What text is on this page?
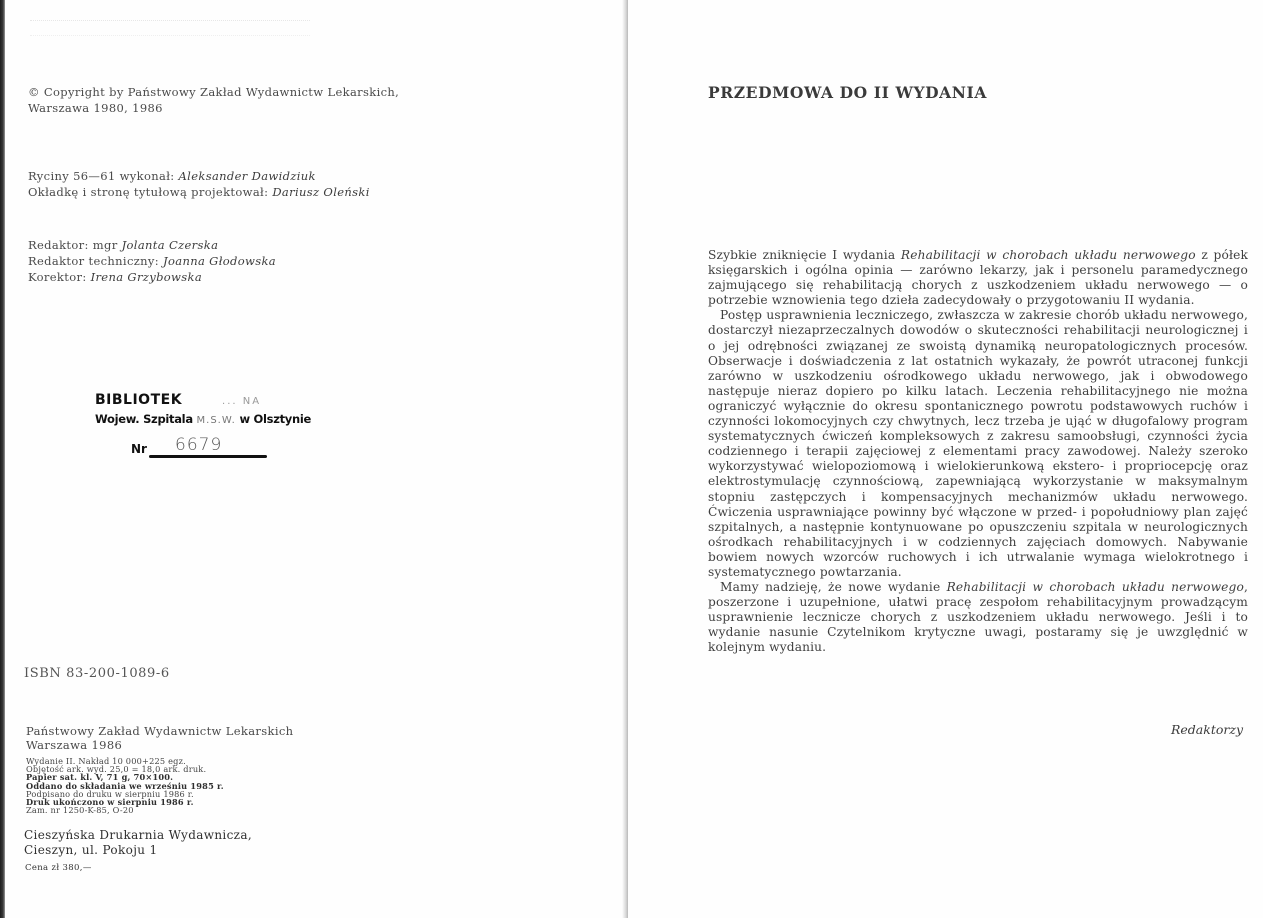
© Copyright by Państwowy Zakład Wydawnictw Lekarskich,
Warszawa 1980, 1986
Ryciny 56—61 wykonał: Aleksander Dawidziuk
Okładkę i stronę tytułową projektował: Dariusz Oleński
Redaktor: mgr Jolanta Czerska
Redaktor techniczny: Joanna Głodowska
Korektor: Irena Grzybowska
BIBLIOTEK	... NA
Wojew. Szpitala M.S.W. w Olsztynie
Nr 6679
ISBN 83-200-1089-6
Państwowy Zakład Wydawnictw Lekarskich
Warszawa 1986
Wydanie II. Nakład 10 000+225 egz.
Objętość ark. wyd. 25,0 = 18,0 ark. druk.
Papier sat. kl. V, 71 g, 70×100.
Oddano do składania we wrześniu 1985 r.
Podpisano do druku w sierpniu 1986 r.
Druk ukończono w sierpniu 1986 r.
Zam. nr 1250-K-85, O-20
Cieszyńska Drukarnia Wydawnicza,
Cieszyn, ul. Pokoju 1
Cena zł 380,—
PRZEDMOWA DO II WYDANIA

Szybkie zniknięcie I wydania Rehabilitacji w chorobach układu nerwowego z półek księgarskich i ogólna opinia — zarówno lekarzy, jak i personelu paramedycznego zajmującego się rehabilitacją chorych z uszkodzeniem układu nerwowego — o potrzebie wznowienia tego dzieła zadecydowały o przygotowaniu II wydania.

Postęp usprawnienia leczniczego, zwłaszcza w zakresie chorób układu nerwowego, dostarczył niezaprzeczalnych dowodów o skuteczności rehabilitacji neurologicznej i o jej odrębności związanej ze swoistą dynamiką neuropatologicznych procesów. Obserwacje i doświadczenia z lat ostatnich wykazały, że powrót utraconej funkcji zarówno w uszkodzeniu ośrodkowego układu nerwowego, jak i obwodowego następuje nieraz dopiero po kilku latach. Leczenia rehabilitacyjnego nie można ograniczyć wyłącznie do okresu spontanicznego powrotu podstawowych ruchów i czynności lokomocyjnych czy chwytnych, lecz trzeba je ująć w długofalowy program systematycznych ćwiczeń kompleksowych z zakresu samoobsługi, czynności życia codziennego i terapii zajęciowej z elementami pracy zawodowej. Należy szeroko wykorzystywać wielopoziomową i wielokierunkową ekstero- i propriocepcję oraz elektrostymulację czynnościową, zapewniającą wykorzystanie w maksymalnym stopniu zastępczych i kompensacyjnych mechanizmów układu nerwowego. Ćwiczenia usprawniające powinny być włączone w przed- i popołudniowy plan zajęć szpitalnych, a następnie kontynuowane po opuszczeniu szpitala w neurologicznych ośrodkach rehabilitacyjnych i w codziennych zajęciach domowych. Nabywanie bowiem nowych wzorców ruchowych i ich utrwalanie wymaga wielokrotnego i systematycznego powtarzania.

Mamy nadzieję, że nowe wydanie Rehabilitacji w chorobach układu nerwowego, poszerzone i uzupełnione, ułatwi pracę zespołom rehabilitacyjnym prowadzącym usprawnienie lecznicze chorych z uszkodzeniem układu nerwowego. Jeśli i to wydanie nasunie Czytelnikom krytyczne uwagi, postaramy się je uwzględnić w kolejnym wydaniu.

Redaktorzy
